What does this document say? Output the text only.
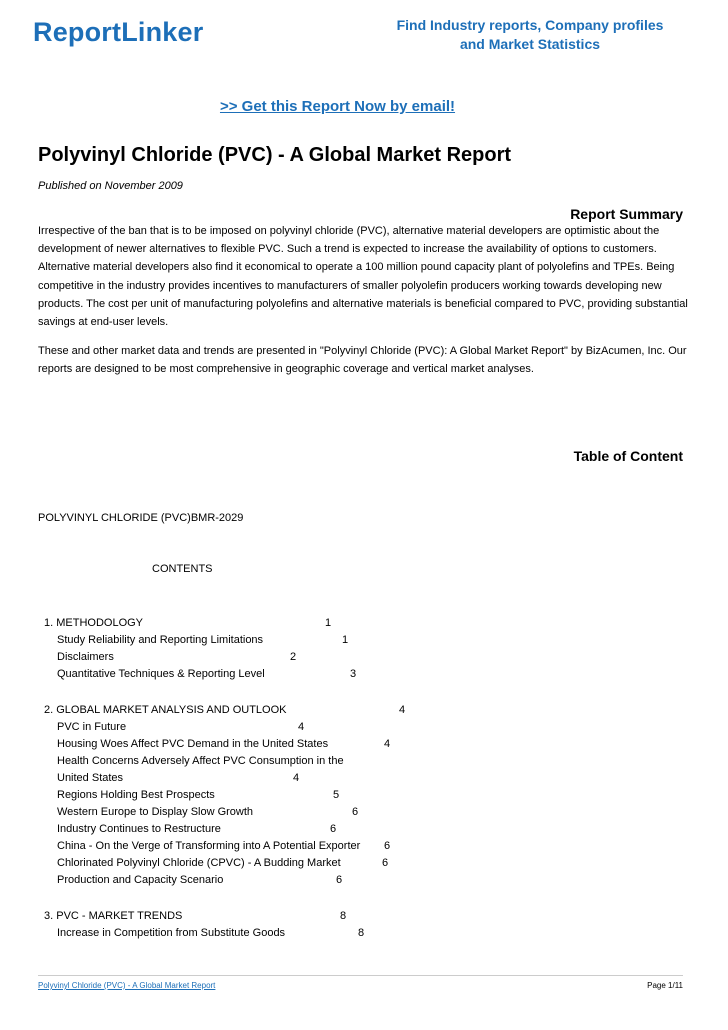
ReportLinker	Find Industry reports, Company profiles
and Market Statistics
>> Get this Report Now by email!
Polyvinyl Chloride (PVC) - A Global Market Report
Published on November 2009
Report Summary

Irrespective of the ban that is to be imposed on polyvinyl chloride (PVC), alternative material developers are optimistic about the development of newer alternatives to flexible PVC. Such a trend is expected to increase the availability of options to customers. Alternative material developers also find it economical to operate a 100 million pound capacity plant of polyolefins and TPEs. Being competitive in the industry provides incentives to manufacturers of smaller polyolefin producers working towards developing new products. The cost per unit of manufacturing polyolefins and alternative materials is beneficial compared to PVC, providing substantial savings at end-user levels.

These and other market data and trends are presented in "Polyvinyl Chloride (PVC): A Global Market Report" by BizAcumen, Inc. Our reports are designed to be most comprehensive in geographic coverage and vertical market analyses.

Table of Content
POLYVINYL CHLORIDE (PVC)BMR-2029
CONTENTS
1. METHODOLOGY	1
Study Reliability and Reporting Limitations	1
Disclaimers	2
Quantitative Techniques & Reporting Level	3
2. GLOBAL MARKET ANALYSIS AND OUTLOOK	4
PVC in Future	4
Housing Woes Affect PVC Demand in the United States	4
Health Concerns Adversely Affect PVC Consumption in the
United States	4
Regions Holding Best Prospects	5
Western Europe to Display Slow Growth	6
Industry Continues to Restructure	6
China - On the Verge of Transforming into A Potential Exporter 6
Chlorinated Polyvinyl Chloride (CPVC) - A Budding Market	6
Production and Capacity Scenario	6
3. PVC - MARKET TRENDS	8
Increase in Competition from Substitute Goods	8
Polyvinyl Chloride (PVC) - A Global Market Report	Page 1/11
